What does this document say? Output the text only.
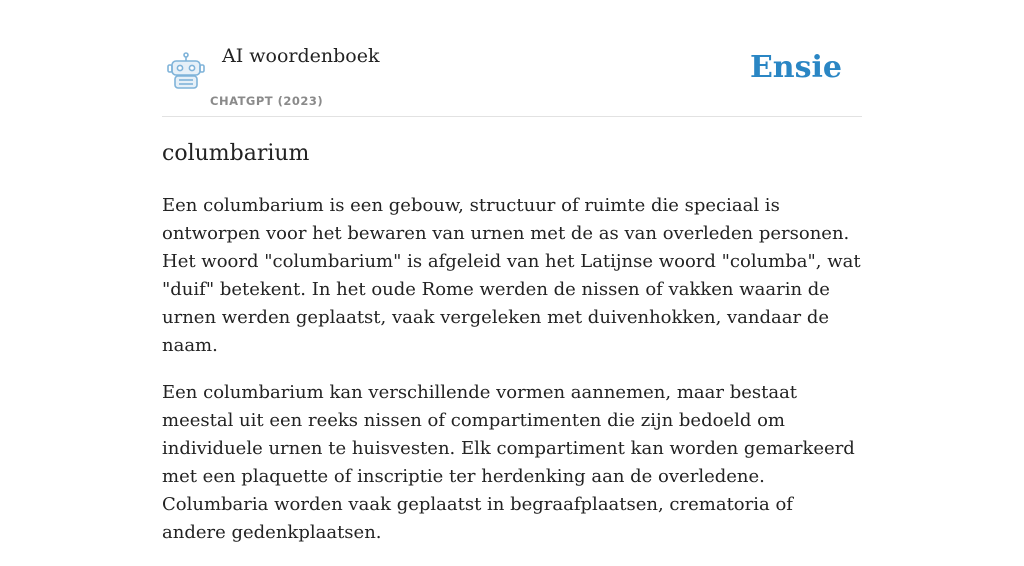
AI woordenboek
CHATGPT (2023)
Ensie
columbarium

Een columbarium is een gebouw, structuur of ruimte die speciaal is ontworpen voor het bewaren van urnen met de as van overleden personen. Het woord "columbarium" is afgeleid van het Latijnse woord "columba", wat "duif" betekent. In het oude Rome werden de nissen of vakken waarin de urnen werden geplaatst, vaak vergeleken met duivenhokken, vandaar de naam.

Een columbarium kan verschillende vormen aannemen, maar bestaat meestal uit een reeks nissen of compartimenten die zijn bedoeld om individuele urnen te huisvesten. Elk compartiment kan worden gemarkeerd met een plaquette of inscriptie ter herdenking aan de overledene. Columbaria worden vaak geplaatst in begraafplaatsen, crematoria of andere gedenkplaatsen.
